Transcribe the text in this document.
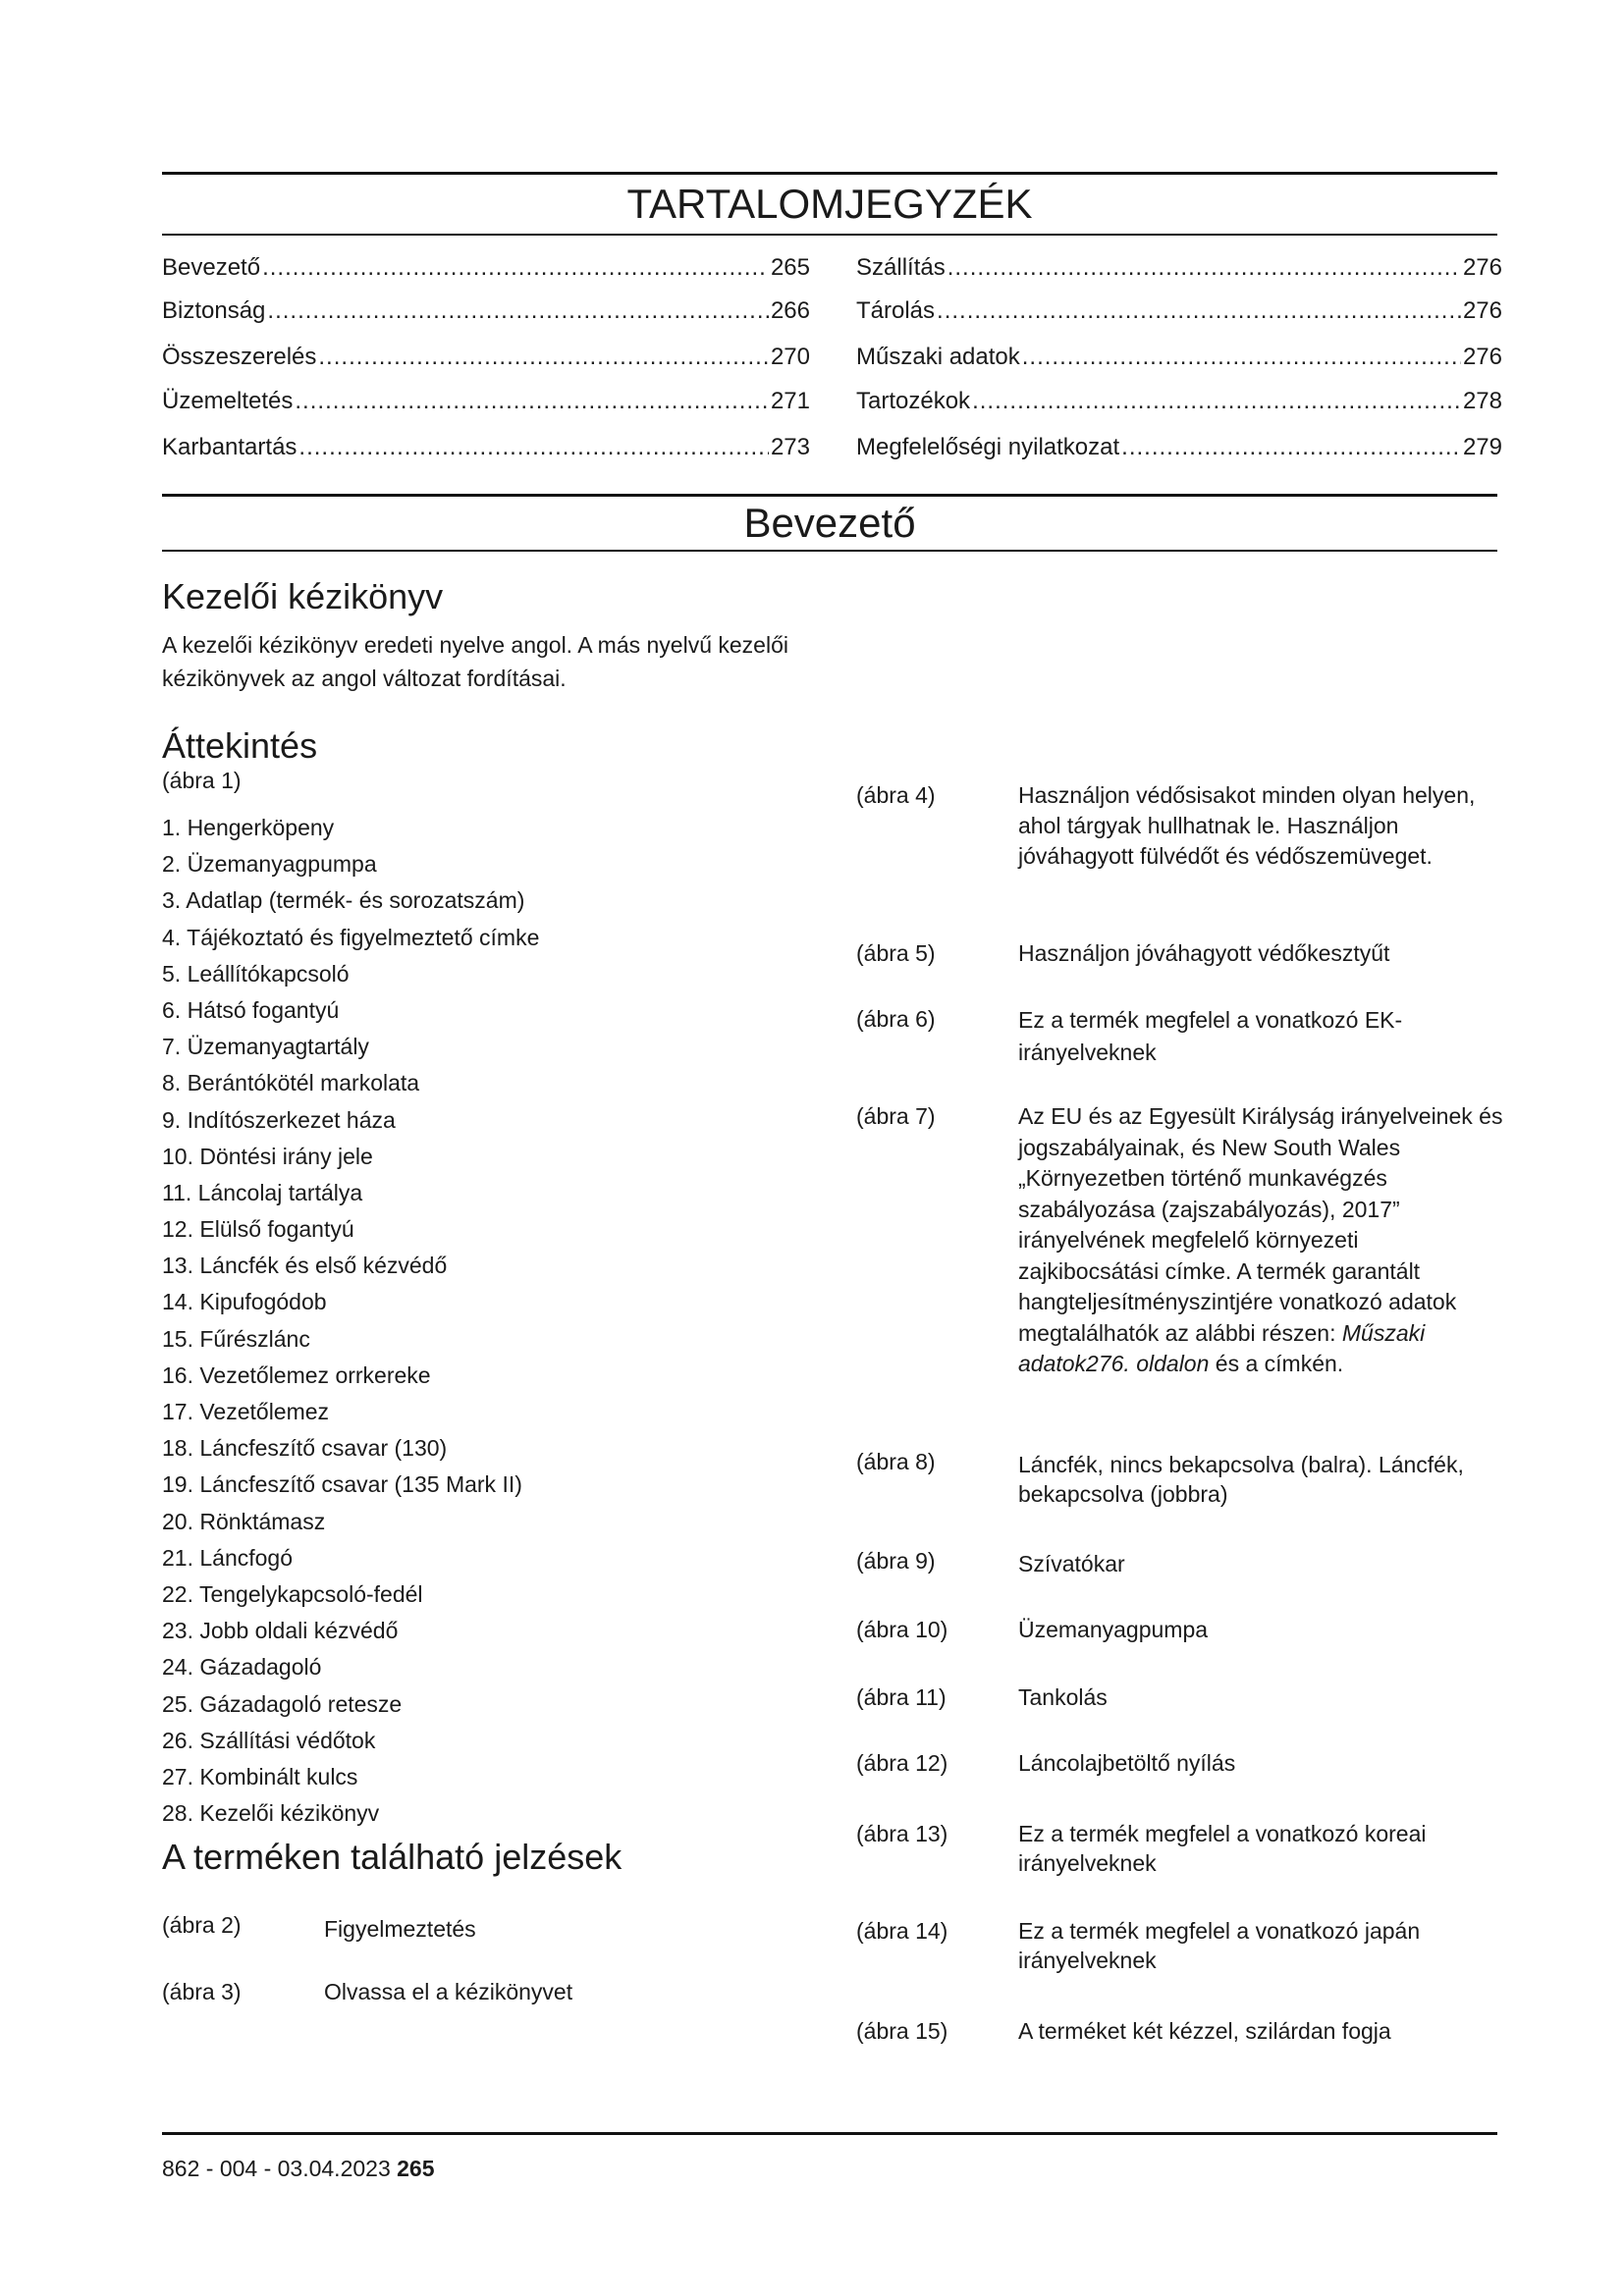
TARTALOMJEGYZÉK
Bevezető .....	265
Biztonság .....	266
Összeszerelés .....	270
Üzemeltetés .....	271
Karbantartás .....	273
Szállítás .....	276
Tárolás .....	276
Műszaki adatok .....	276
Tartozékok .....	278
Megfelelőségi nyilatkozat .....	279
Bevezető
Kezelői kézikönyv
A kezelői kézikönyv eredeti nyelve angol. A más nyelvű kezelői kézikönyvek az angol változat fordításai.
Áttekintés
(ábra 1)
1. Hengerköpeny
2. Üzemanyagpumpa
3. Adatlap (termék- és sorozatszám)
4. Tájékoztató és figyelmeztető címke
5. Leállítókapcsoló
6. Hátsó fogantyú
7. Üzemanyagtartály
8. Berántókötél markolata
9. Indítószerkezet háza
10. Döntési irány jele
11. Láncolaj tartálya
12. Elülső fogantyú
13. Láncfék és első kézvédő
14. Kipufogódob
15. Fűrészlánc
16. Vezetőlemez orrkereke
17. Vezetőlemez
18. Láncfeszítő csavar (130)
19. Láncfeszítő csavar (135 Mark II)
20. Rönktámasz
21. Láncfogó
22. Tengelykapcsoló-fedél
23. Jobb oldali kézvédő
24. Gázadagoló
25. Gázadagoló retesze
26. Szállítási védőtok
27. Kombinált kulcs
28. Kezelői kézikönyv
A terméken található jelzések
(ábra 2)	Figyelmeztetés
(ábra 3)	Olvassa el a kézikönyvet
(ábra 4)	Használjon védősisakot minden olyan helyen, ahol tárgyak hullhatnak le. Használjon jóváhagyott fülvédőt és védőszemüveget.
(ábra 5)	Használjon jóváhagyott védőkesztyűt
(ábra 6)	Ez a termék megfelel a vonatkozó EK-irányelveknek
(ábra 7)	Az EU és az Egyesült Királyság irányelveinek és jogszabályainak, és New South Wales „Környezetben történő munkavégzés szabályozása (zajszabályozás), 2017” irányelvének megfelelő környezeti zajkibocsátási címke. A termék garantált hangteljesítményszintjére vonatkozó adatok megtalálhatók az alábbi részen: Műszaki adatok276. oldalon és a címkén.
(ábra 8)	Láncfék, nincs bekapcsolva (balra). Láncfék, bekapcsolva (jobbra)
(ábra 9)	Szívatókar
(ábra 10)	Üzemanyagpumpa
(ábra 11)	Tankolás
(ábra 12)	Láncolajbetöltő nyílás
(ábra 13)	Ez a termék megfelel a vonatkozó koreai irányelveknek
(ábra 14)	Ez a termék megfelel a vonatkozó japán irányelveknek
(ábra 15)	A terméket két kézzel, szilárdan fogja
862 - 004 - 03.04.2023 265
